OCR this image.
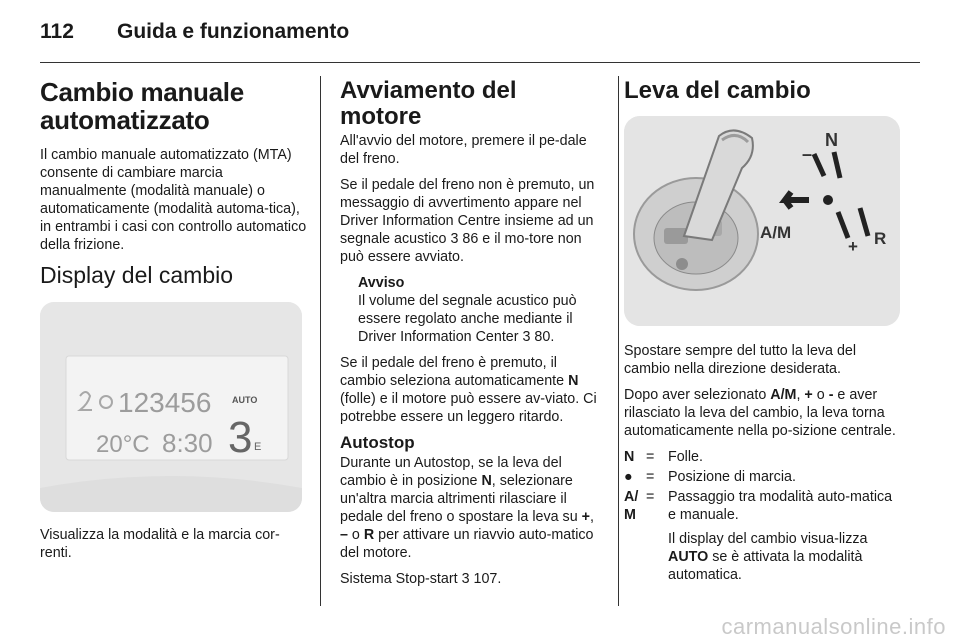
112 Guida e funzionamento
Cambio manuale automatizzato

Il cambio manuale automatizzato (MTA) consente di cambiare marcia manualmente (modalità manuale) o automaticamente (modalità automa-tica), in entrambi i casi con controllo automatico della frizione.

Display del cambio
123456
20°C 8:30
AUTO
3 E

Visualizza la modalità e la marcia cor-renti.

Avviamento del motore

All'avvio del motore, premere il pe-dale del freno.

Se il pedale del freno non è premuto, un messaggio di avvertimento appare nel Driver Information Centre insieme ad un segnale acustico 3 86 e il mo-tore non può essere avviato.

Avviso
Il volume del segnale acustico può essere regolato anche mediante il Driver Information Center 3 80.

Se il pedale del freno è premuto, il cambio seleziona automaticamente N (folle) e il motore può essere av-viato. Ci potrebbe essere un leggero ritardo.

Autostop

Durante un Autostop, se la leva del cambio è in posizione N, selezionare un'altra marcia altrimenti rilasciare il pedale del freno o spostare la leva su +, – o R per attivare un riavvio auto-matico del motore.

Sistema Stop-start 3 107.

Leva del cambio
N
–
A/M
+ R

Spostare sempre del tutto la leva del cambio nella direzione desiderata.

Dopo aver selezionato A/M, + o - e aver rilasciato la leva del cambio, la leva torna automaticamente nella po-sizione centrale.

N = Folle.
● = Posizione di marcia.
A/M
= Passaggio tra modalità auto-matica e manuale.
Il display del cambio visua-lizza AUTO se è attivata la modalità automatica.
carmanualsonline.info
